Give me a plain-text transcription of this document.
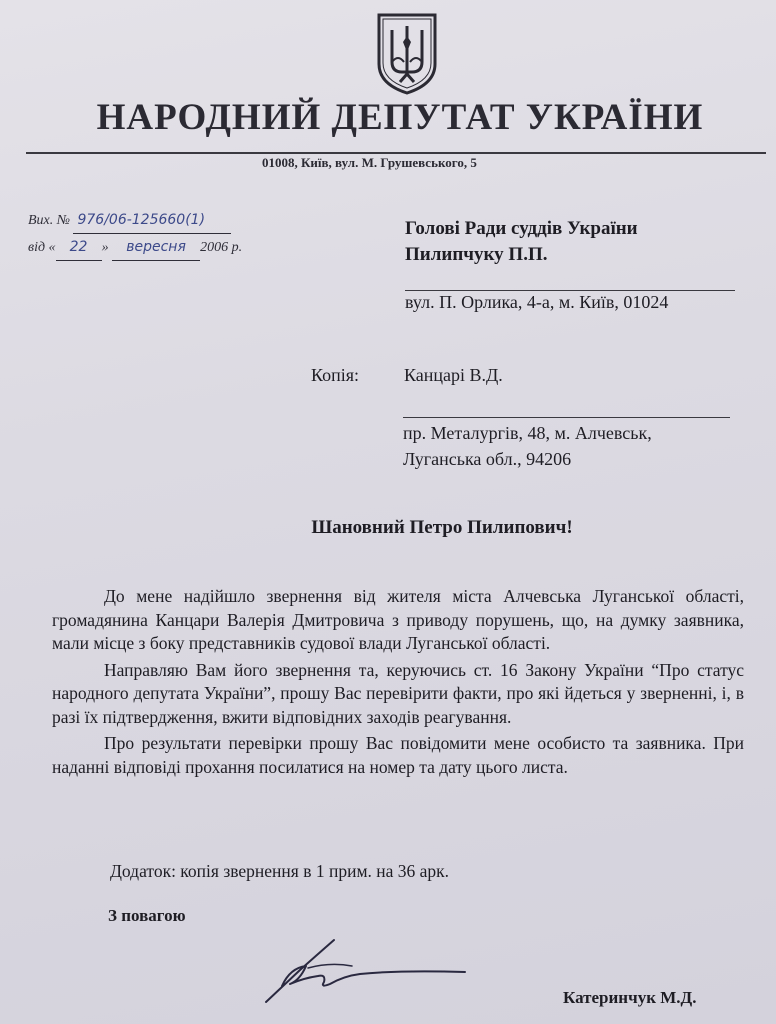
НАРОДНИЙ ДЕПУТАТ УКРАЇНИ
01008, Київ, вул. М. Грушевського, 5
Вих. № 976/06-125660(1)
від « 22 » вересня 2006 р.
Голові Ради суддів України
Пилипчуку П.П.
вул. П. Орлика, 4-а, м. Київ, 01024
Копія: Канцарі В.Д.
пр. Металургів, 48, м. Алчевськ,
Луганська обл., 94206
Шановний Петро Пилипович!

До мене надійшло звернення від жителя міста Алчевська Луганської області, громадянина Канцари Валерія Дмитровича з приводу порушень, що, на думку заявника, мали місце з боку представників судової влади Луганської області.

Направляю Вам його звернення та, керуючись ст. 16 Закону України “Про статус народного депутата України”, прошу Вас перевірити факти, про які йдеться у зверненні, і, в разі їх підтвердження, вжити відповідних заходів реагування.

Про результати перевірки прошу Вас повідомити мене особисто та заявника. При наданні відповіді прохання посилатися на номер та дату цього листа.

Додаток: копія звернення в 1 прим. на 36 арк.
З повагою
Катеринчук М.Д.
